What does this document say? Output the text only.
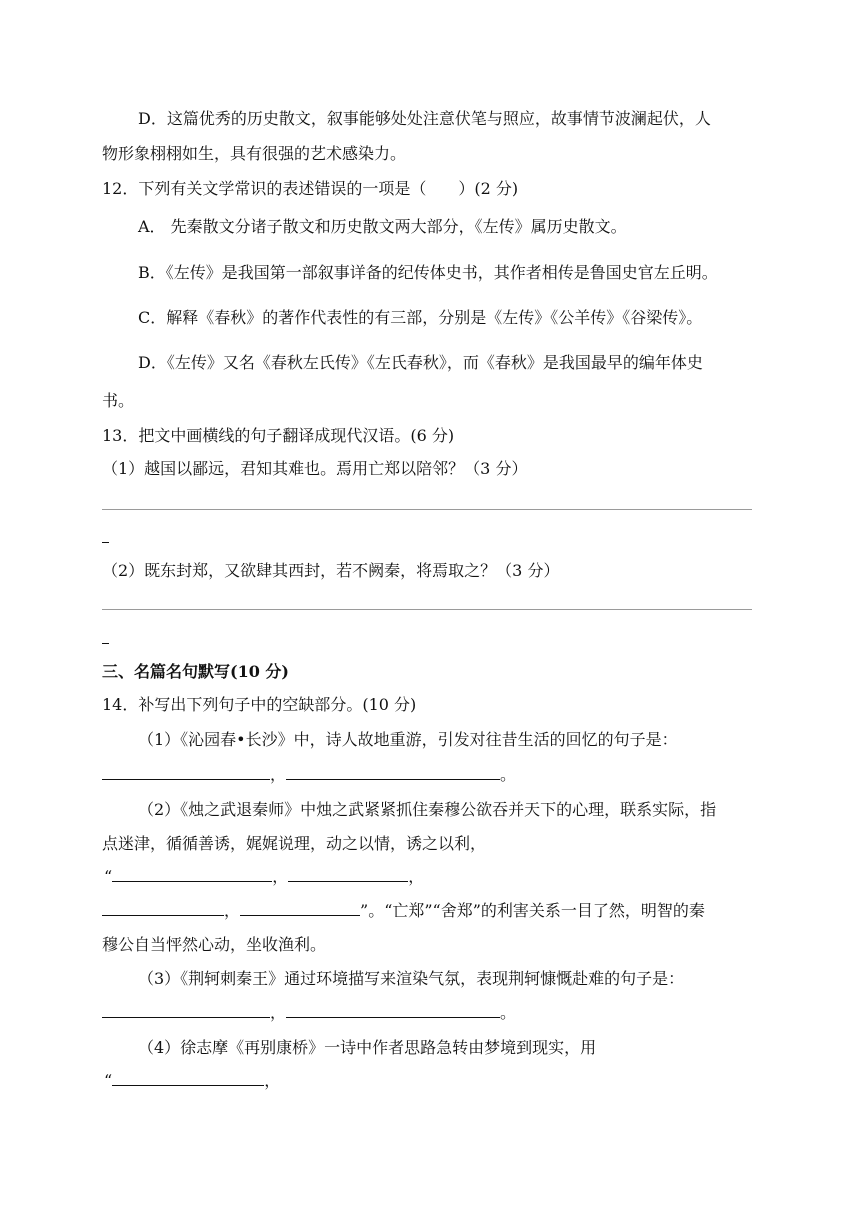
D．这篇优秀的历史散文，叙事能够处处注意伏笔与照应，故事情节波澜起伏，人
物形象栩栩如生，具有很强的艺术感染力。
12．下列有关文学常识的表述错误的一项是（　　）(2 分)
A． 先秦散文分诸子散文和历史散文两大部分，《左传》属历史散文。
B．《左传》是我国第一部叙事详备的纪传体史书，其作者相传是鲁国史官左丘明。
C．解释《春秋》的著作代表性的有三部，分别是《左传》《公羊传》《谷梁传》。
D．《左传》又名《春秋左氏传》《左氏春秋》，而《春秋》是我国最早的编年体史
书。
13．把文中画横线的句子翻译成现代汉语。(6 分)
（1）越国以鄙远，君知其难也。焉用亡郑以陪邻？（3 分）
（2）既东封郑，又欲肆其西封，若不阙秦，将焉取之？（3 分）
三、名篇名句默写(10 分)
14．补写出下列句子中的空缺部分。(10 分)
（1）《沁园春•长沙》中，诗人故地重游，引发对往昔生活的回忆的句子是：
，	。
（2）《烛之武退秦师》中烛之武紧紧抓住秦穆公欲吞并天下的心理，联系实际，指
点迷津，循循善诱，娓娓说理，动之以情，诱之以利，
“	，	，
，	”。“亡郑”“舍郑”的利害关系一目了然，明智的秦
穆公自当怦然心动，坐收渔利。
（3）《荆轲刺秦王》通过环境描写来渲染气氛，表现荆轲慷慨赴难的句子是：
，	。
（4）徐志摩《再别康桥》一诗中作者思路急转由梦境到现实，用
“	，
